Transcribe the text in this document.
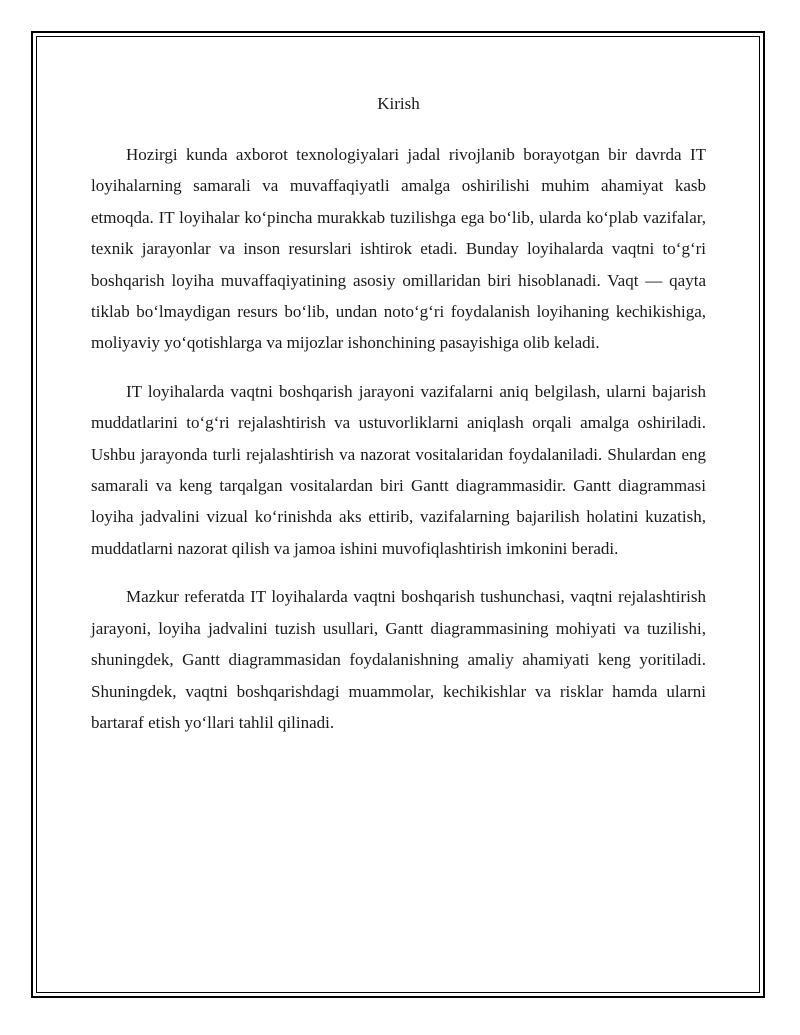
Kirish

Hozirgi kunda axborot texnologiyalari jadal rivojlanib borayotgan bir davrda IT loyihalarning samarali va muvaffaqiyatli amalga oshirilishi muhim ahamiyat kasb etmoqda. IT loyihalar ko‘pincha murakkab tuzilishga ega bo‘lib, ularda ko‘plab vazifalar, texnik jarayonlar va inson resurslari ishtirok etadi. Bunday loyihalarda vaqtni to‘g‘ri boshqarish loyiha muvaffaqiyatining asosiy omillaridan biri hisoblanadi. Vaqt — qayta tiklab bo‘lmaydigan resurs bo‘lib, undan noto‘g‘ri foydalanish loyihaning kechikishiga, moliyaviy yo‘qotishlarga va mijozlar ishonchining pasayishiga olib keladi.

IT loyihalarda vaqtni boshqarish jarayoni vazifalarni aniq belgilash, ularni bajarish muddatlarini to‘g‘ri rejalashtirish va ustuvorliklarni aniqlash orqali amalga oshiriladi. Ushbu jarayonda turli rejalashtirish va nazorat vositalaridan foydalaniladi. Shulardan eng samarali va keng tarqalgan vositalardan biri Gantt diagrammasidir. Gantt diagrammasi loyiha jadvalini vizual ko‘rinishda aks ettirib, vazifalarning bajarilish holatini kuzatish, muddatlarni nazorat qilish va jamoa ishini muvofiqlashtirish imkonini beradi.

Mazkur referatda IT loyihalarda vaqtni boshqarish tushunchasi, vaqtni rejalashtirish jarayoni, loyiha jadvalini tuzish usullari, Gantt diagrammasining mohiyati va tuzilishi, shuningdek, Gantt diagrammasidan foydalanishning amaliy ahamiyati keng yoritiladi. Shuningdek, vaqtni boshqarishdagi muammolar, kechikishlar va risklar hamda ularni bartaraf etish yo‘llari tahlil qilinadi.
